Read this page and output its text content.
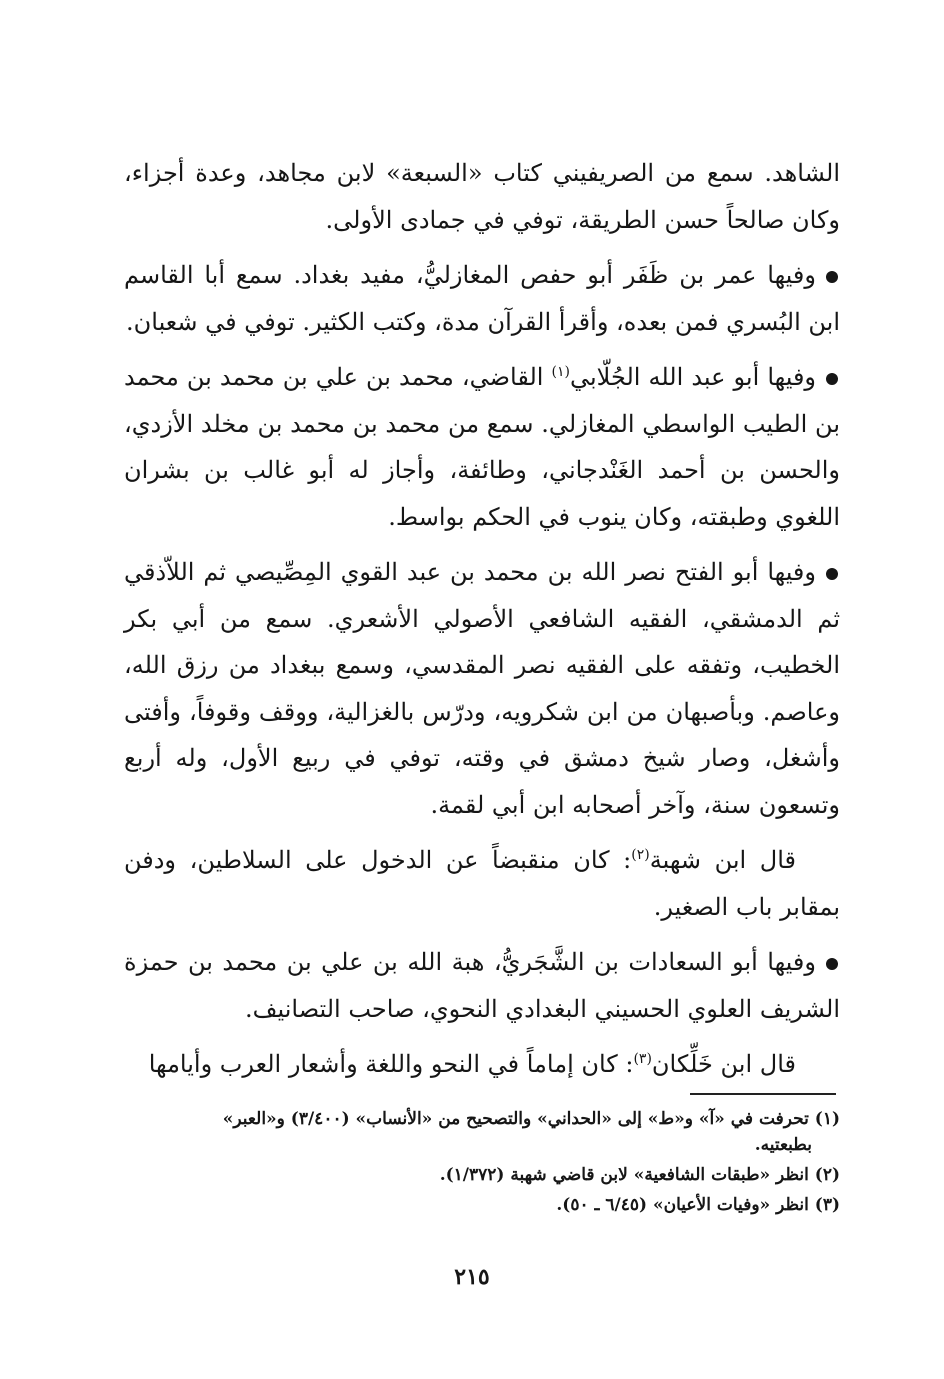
الشاهد. سمع من الصريفيني كتاب «السبعة» لابن مجاهد، وعدة أجزاء، وكان صالحاً حسن الطريقة، توفي في جمادى الأولى.

وفيها عمر بن ظَفَر أبو حفص المغازليُّ، مفيد بغداد. سمع أبا القاسم ابن البُسري فمن بعده، وأقرأ القرآن مدة، وكتب الكثير. توفي في شعبان.

وفيها أبو عبد الله الجُلّابي$^{(١)}$ القاضي، محمد بن علي بن محمد بن محمد بن الطيب الواسطي المغازلي. سمع من محمد بن محمد بن مخلد الأزدي، والحسن بن أحمد الغَنْدجاني، وطائفة، وأجاز له أبو غالب بن بشران اللغوي وطبقته، وكان ينوب في الحكم بواسط.

وفيها أبو الفتح نصر الله بن محمد بن عبد القوي المِصِّيصي ثم اللاّذقي ثم الدمشقي، الفقيه الشافعي الأصولي الأشعري. سمع من أبي بكر الخطيب، وتفقه على الفقيه نصر المقدسي، وسمع ببغداد من رزق الله، وعاصم. وبأصبهان من ابن شكرويه، ودرّس بالغزالية، ووقف وقوفاً، وأفتى وأشغل، وصار شيخ دمشق في وقته، توفي في ربيع الأول، وله أربع وتسعون سنة، وآخر أصحابه ابن أبي لقمة.

قال ابن شهبة$^{(٢)}$: كان منقبضاً عن الدخول على السلاطين، ودفن بمقابر باب الصغير.

وفيها أبو السعادات بن الشَّجَريُّ، هبة الله بن علي بن محمد بن حمزة الشريف العلوي الحسيني البغدادي النحوي، صاحب التصانيف.

قال ابن خَلِّكان$^{(٣)}$: كان إماماً في النحو واللغة وأشعار العرب وأيامها

(١) تحرفت في «آ» و«ط» إلى «الحداني» والتصحيح من «الأنساب» (٣/٤٠٠) و«العبر»
بطبعتيه.

(٢) انظر «طبقات الشافعية» لابن قاضي شهبة (١/٣٧٢).

(٣) انظر «وفيات الأعيان» (٦/٤٥ ـ ٥٠).

٢١٥
